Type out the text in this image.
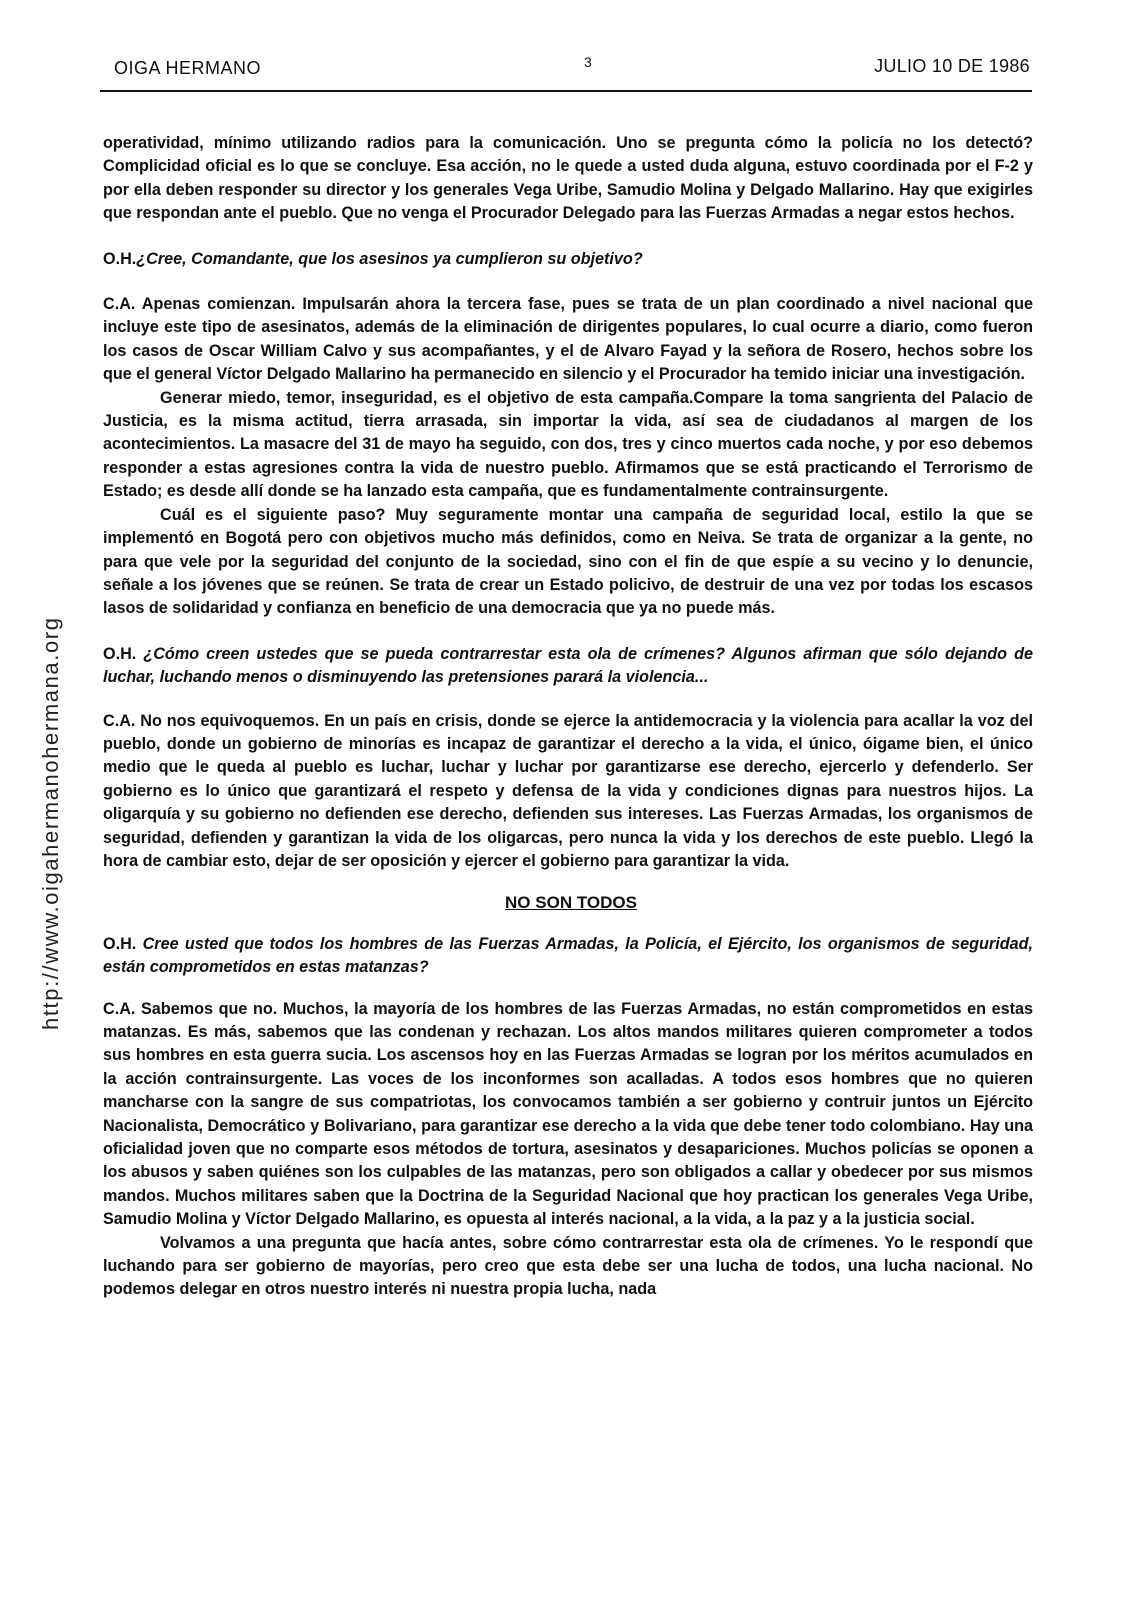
OIGA HERMANO	3	JULIO 10 DE 1986
http://www.oigahermanohermana.org

operatividad, mínimo utilizando radios para la comunicación. Uno se pregunta cómo la policía no los detectó? Complicidad oficial es lo que se concluye. Esa acción, no le quede a usted duda alguna, estuvo coordinada por el F-2 y por ella deben responder su director y los generales Vega Uribe, Samudio Molina y Delgado Mallarino. Hay que exigirles que respondan ante el pueblo. Que no venga el Procurador Delegado para las Fuerzas Armadas a negar estos hechos.

O.H.¿Cree, Comandante, que los asesinos ya cumplieron su objetivo?

C.A. Apenas comienzan. Impulsarán ahora la tercera fase, pues se trata de un plan coordinado a nivel nacional que incluye este tipo de asesinatos, además de la eliminación de dirigentes populares, lo cual ocurre a diario, como fueron los casos de Oscar William Calvo y sus acompañantes, y el de Alvaro Fayad y la señora de Rosero, hechos sobre los que el general Víctor Delgado Mallarino ha permanecido en silencio y el Procurador ha temido iniciar una investigación.

Generar miedo, temor, inseguridad, es el objetivo de esta campaña.Compare la toma sangrienta del Palacio de Justicia, es la misma actitud, tierra arrasada, sin importar la vida, así sea de ciudadanos al margen de los acontecimientos. La masacre del 31 de mayo ha seguido, con dos, tres y cinco muertos cada noche, y por eso debemos responder a estas agresiones contra la vida de nuestro pueblo. Afirmamos que se está practicando el Terrorismo de Estado; es desde allí donde se ha lanzado esta campaña, que es fundamentalmente contrainsurgente.

Cuál es el siguiente paso? Muy seguramente montar una campaña de seguridad local, estilo la que se implementó en Bogotá pero con objetivos mucho más definidos, como en Neiva. Se trata de organizar a la gente, no para que vele por la seguridad del conjunto de la sociedad, sino con el fin de que espíe a su vecino y lo denuncie, señale a los jóvenes que se reúnen. Se trata de crear un Estado policivo, de destruir de una vez por todas los escasos lasos de solidaridad y confianza en beneficio de una democracia que ya no puede más.

O.H. ¿Cómo creen ustedes que se pueda contrarrestar esta ola de crímenes? Algunos afirman que sólo dejando de luchar, luchando menos o disminuyendo las pretensiones parará la violencia...

C.A. No nos equivoquemos. En un país en crisis, donde se ejerce la antidemocracia y la violencia para acallar la voz del pueblo, donde un gobierno de minorías es incapaz de garantizar el derecho a la vida, el único, óigame bien, el único medio que le queda al pueblo es luchar, luchar y luchar por garantizarse ese derecho, ejercerlo y defenderlo. Ser gobierno es lo único que garantizará el respeto y defensa de la vida y condiciones dignas para nuestros hijos. La oligarquía y su gobierno no defienden ese derecho, defienden sus intereses. Las Fuerzas Armadas, los organismos de seguridad, defienden y garantizan la vida de los oligarcas, pero nunca la vida y los derechos de este pueblo. Llegó la hora de cambiar esto, dejar de ser oposición y ejercer el gobierno para garantizar la vida.

NO SON TODOS

O.H. Cree usted que todos los hombres de las Fuerzas Armadas, la Policía, el Ejército, los organismos de seguridad, están comprometidos en estas matanzas?

C.A. Sabemos que no. Muchos, la mayoría de los hombres de las Fuerzas Armadas, no están comprometidos en estas matanzas. Es más, sabemos que las condenan y rechazan. Los altos mandos militares quieren comprometer a todos sus hombres en esta guerra sucia. Los ascensos hoy en las Fuerzas Armadas se logran por los méritos acumulados en la acción contrainsurgente. Las voces de los inconformes son acalladas. A todos esos hombres que no quieren mancharse con la sangre de sus compatriotas, los convocamos también a ser gobierno y contruir juntos un Ejército Nacionalista, Democrático y Bolivariano, para garantizar ese derecho a la vida que debe tener todo colombiano. Hay una oficialidad joven que no comparte esos métodos de tortura, asesinatos y desapariciones. Muchos policías se oponen a los abusos y saben quiénes son los culpables de las matanzas, pero son obligados a callar y obedecer por sus mismos mandos. Muchos militares saben que la Doctrina de la Seguridad Nacional que hoy practican los generales Vega Uribe, Samudio Molina y Víctor Delgado Mallarino, es opuesta al interés nacional, a la vida, a la paz y a la justicia social.

Volvamos a una pregunta que hacía antes, sobre cómo contrarrestar esta ola de crímenes. Yo le respondí que luchando para ser gobierno de mayorías, pero creo que esta debe ser una lucha de todos, una lucha nacional. No podemos delegar en otros nuestro interés ni nuestra propia lucha, nada
